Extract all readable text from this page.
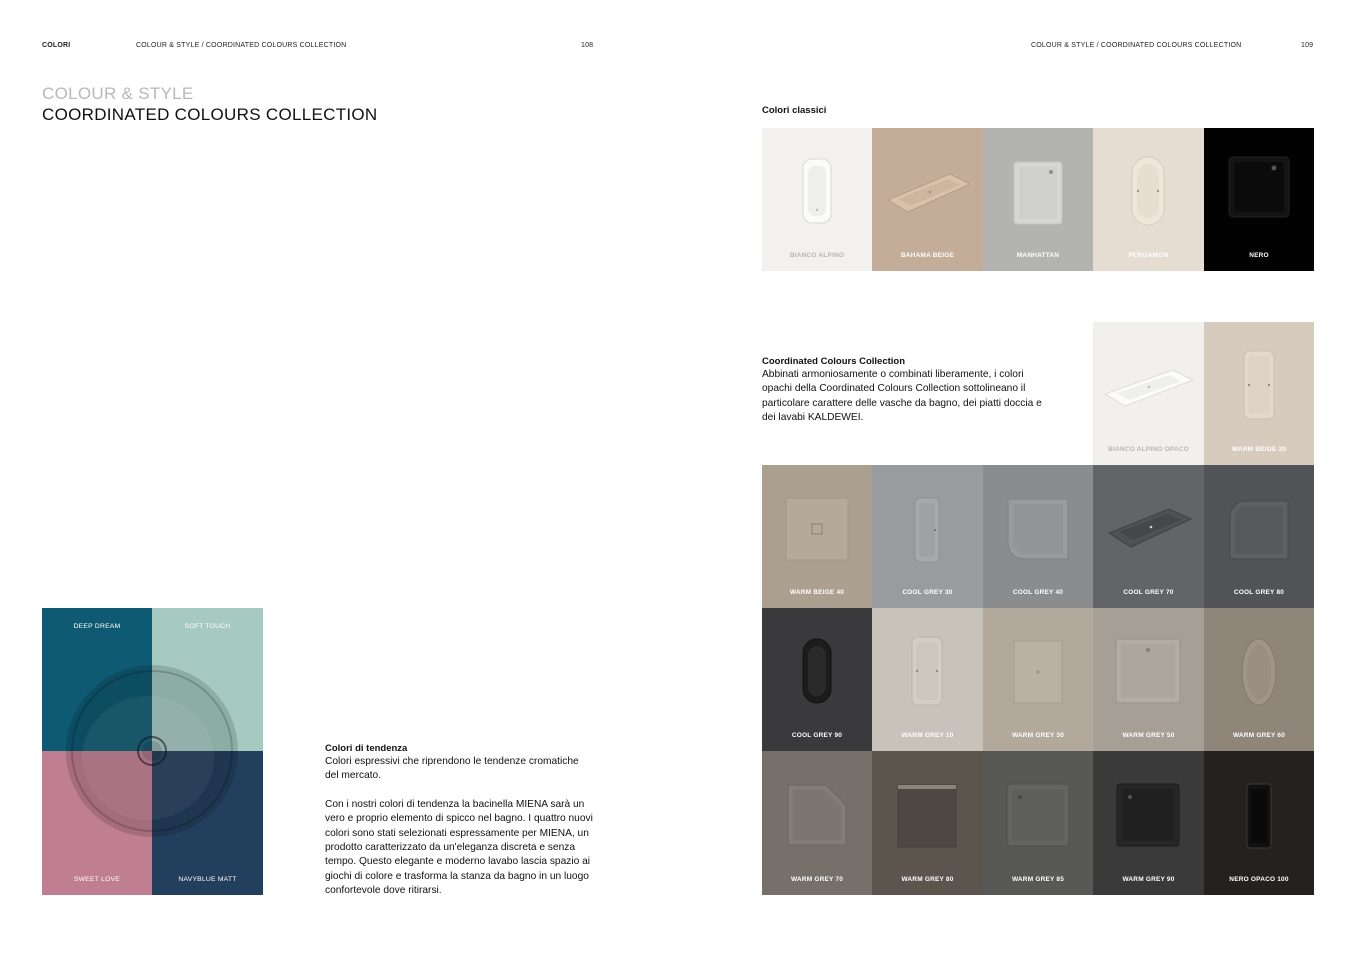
COLORI	COLOUR & STYLE / COORDINATED COLOURS COLLECTION	108	COLOUR & STYLE / COORDINATED COLOURS COLLECTION	109
COLOUR & STYLE
COORDINATED COLOURS COLLECTION
DEEP DREAM	SOFT TOUCH
SWEET LOVE	NAVYBLUE MATT
Colori di tendenza

Colori espressivi che riprendono le tendenze cromatiche del mercato.

Con i nostri colori di tendenza la bacinella MIENA sarà un vero e proprio elemento di spicco nel bagno. I quattro nuovi colori sono stati selezionati espressamente per MIENA, un prodotto caratterizzato da un'eleganza discreta e senza tempo. Questo elegante e moderno lavabo lascia spazio ai giochi di colore e trasforma la stanza da bagno in un luogo confortevole dove ritirarsi.

Colori classici
BIANCO ALPINO	BAHAMA BEIGE	MANHATTAN	PERGAMON	NERO
Coordinated Colours Collection
Abbinati armoniosamente o combinati liberamente, i colori opachi della Coordinated Colours Collection sottolineano il particolare carattere delle vasche da bagno, dei piatti doccia e dei lavabi KALDEWEI.
BIANCO ALPINO OPACO	WARM BEIGE 20
WARM BEIGE 40	COOL GREY 30	COOL GREY 40	COOL GREY 70	COOL GREY 80
COOL GREY 90	WARM GREY 10	WARM GREY 30	WARM GREY 50	WARM GREY 60
WARM GREY 70	WARM GREY 80	WARM GREY 85	WARM GREY 90	NERO OPACO 100
